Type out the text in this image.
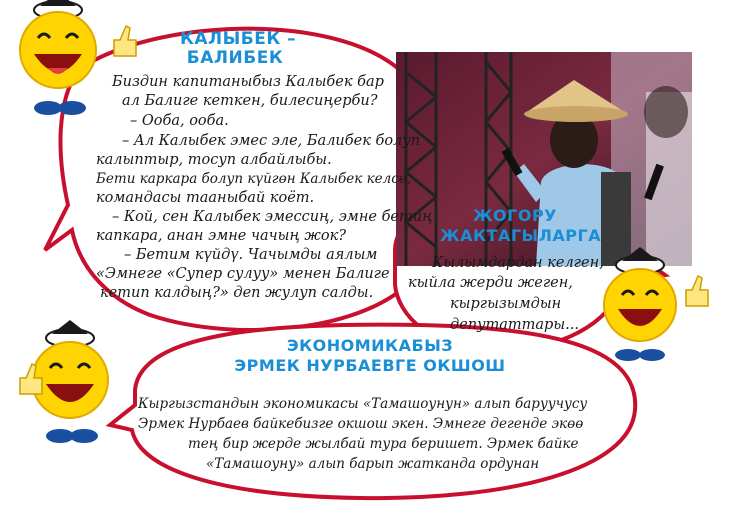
КАЛЫБЕК –
БАЛИБЕК
Биздин капитаныбыз Калыбек бар
ал Балиге кеткен, билесиңерби?
– Ооба, ооба.
– Ал Калыбек эмес эле, Балибек болуп
калыптыр, тосуп албайлыбы.
Бети каpкара болуп күйгөн Калыбек келсе,
командасы тааныбай коёт.
– Кой, сен Калыбек эмессиң, эмне бетиң
капкара, анан эмне чачың жок?
– Бетим күйдү. Чачымды аялым
«Эмнеге «Супер сулуу» менен Балиге
кетип калдың?» деп жулуп салды.
ЖОГОРУ
ЖАКТАГЫЛАРГА
Кылымдардан келген,
кыйла жерди жеген,
кыргызымдын
депутаттары...
ЭКОНОМИКАБЫЗ
ЭРМЕК НУРБАЕВГЕ ОКШОШ
Кыргызстандын экономикасы «Тамашоунун» алып баруучусу
Эрмек Нурбаев байкебизге окшош экен. Эмнеге дегенде экөө
тең бир жерде жылбай тура беришет. Эрмек байке
«Тамашоуну» алып барып жатканда ордунан
